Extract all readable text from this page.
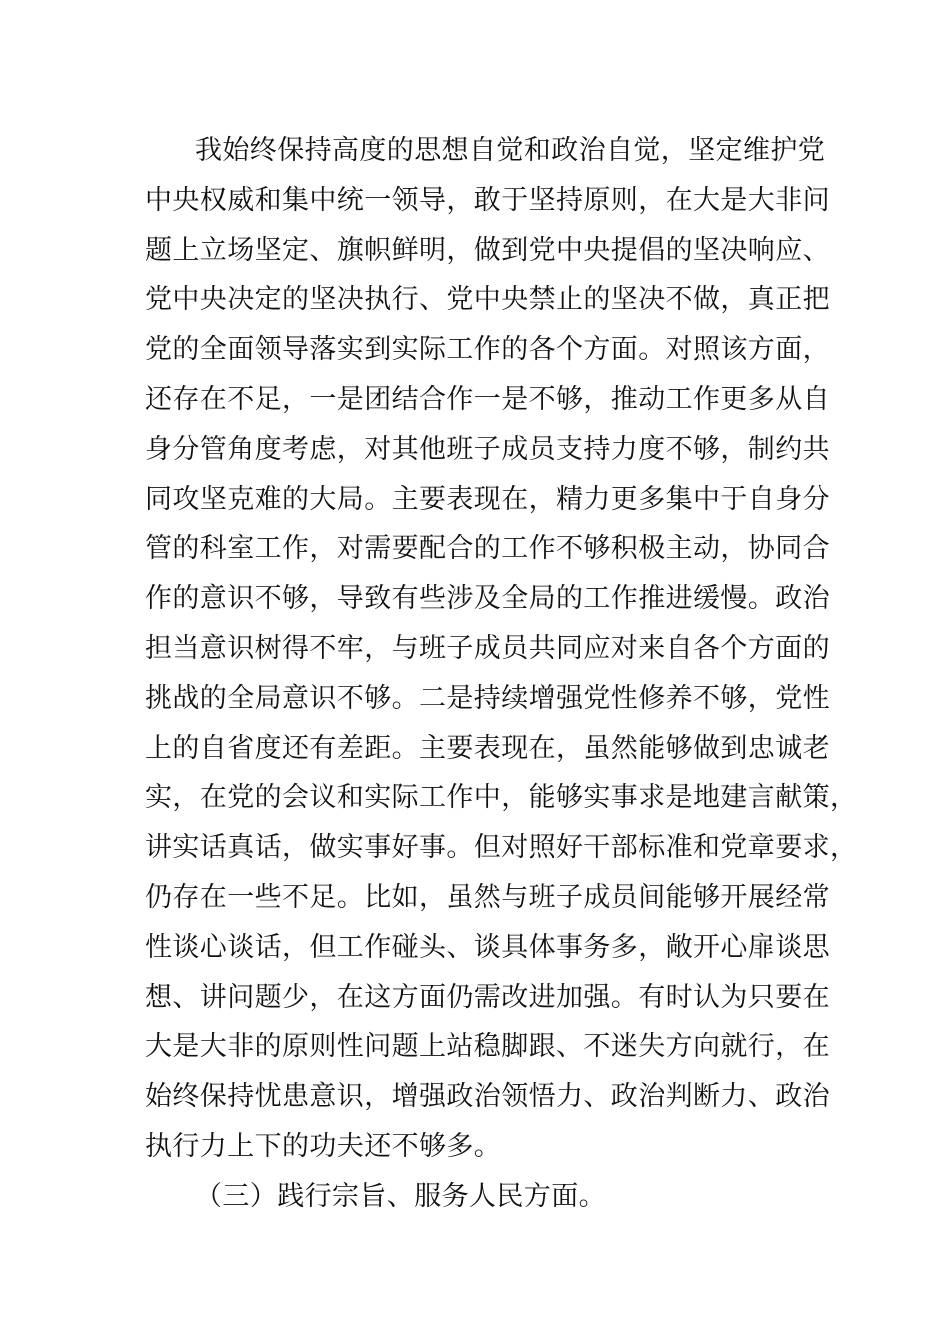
我始终保持高度的思想自觉和政治自觉，坚定维护党
中央权威和集中统一领导，敢于坚持原则，在大是大非问
题上立场坚定、旗帜鲜明，做到党中央提倡的坚决响应、
党中央决定的坚决执行、党中央禁止的坚决不做，真正把
党的全面领导落实到实际工作的各个方面。对照该方面，
还存在不足，一是团结合作一是不够，推动工作更多从自
身分管角度考虑，对其他班子成员支持力度不够，制约共
同攻坚克难的大局。主要表现在，精力更多集中于自身分
管的科室工作，对需要配合的工作不够积极主动，协同合
作的意识不够，导致有些涉及全局的工作推进缓慢。政治
担当意识树得不牢，与班子成员共同应对来自各个方面的
挑战的全局意识不够。二是持续增强党性修养不够，党性
上的自省度还有差距。主要表现在，虽然能够做到忠诚老
实，在党的会议和实际工作中，能够实事求是地建言献策，
讲实话真话，做实事好事。但对照好干部标准和党章要求，
仍存在一些不足。比如，虽然与班子成员间能够开展经常
性谈心谈话，但工作碰头、谈具体事务多，敞开心扉谈思
想、讲问题少，在这方面仍需改进加强。有时认为只要在
大是大非的原则性问题上站稳脚跟、不迷失方向就行，在
始终保持忧患意识，增强政治领悟力、政治判断力、政治
执行力上下的功夫还不够多。
（三）践行宗旨、服务人民方面。
